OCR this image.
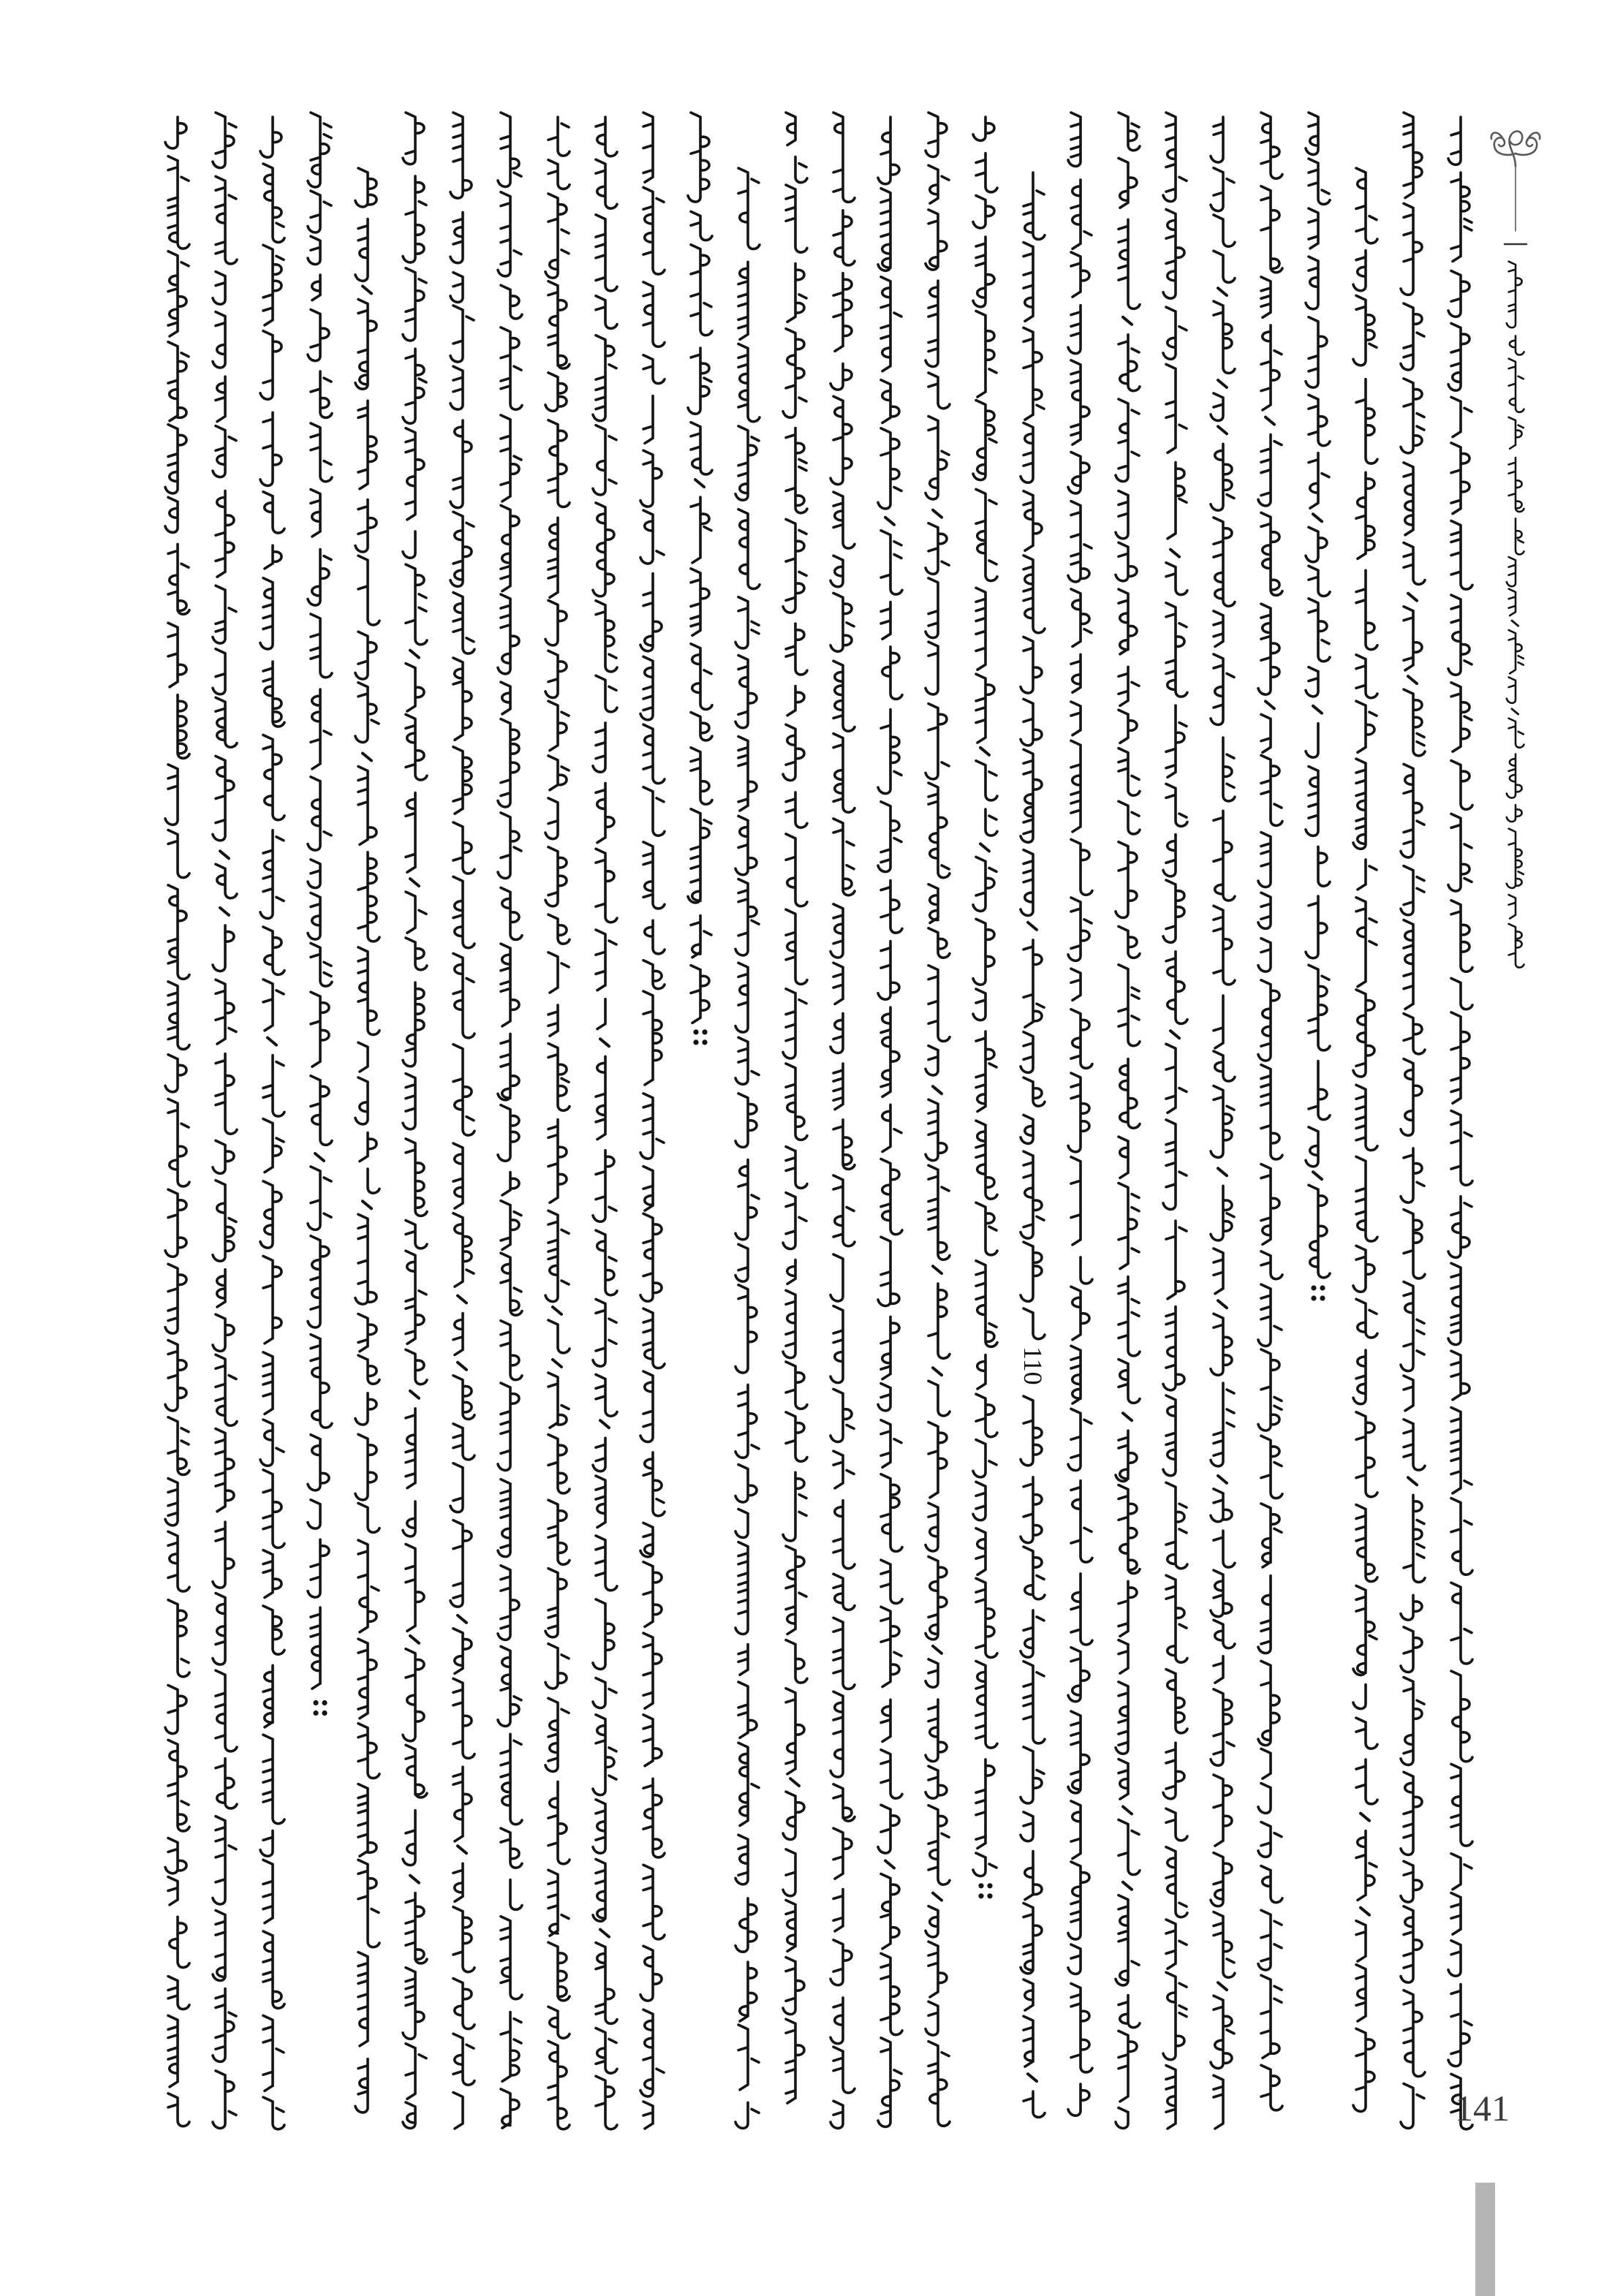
110
141
